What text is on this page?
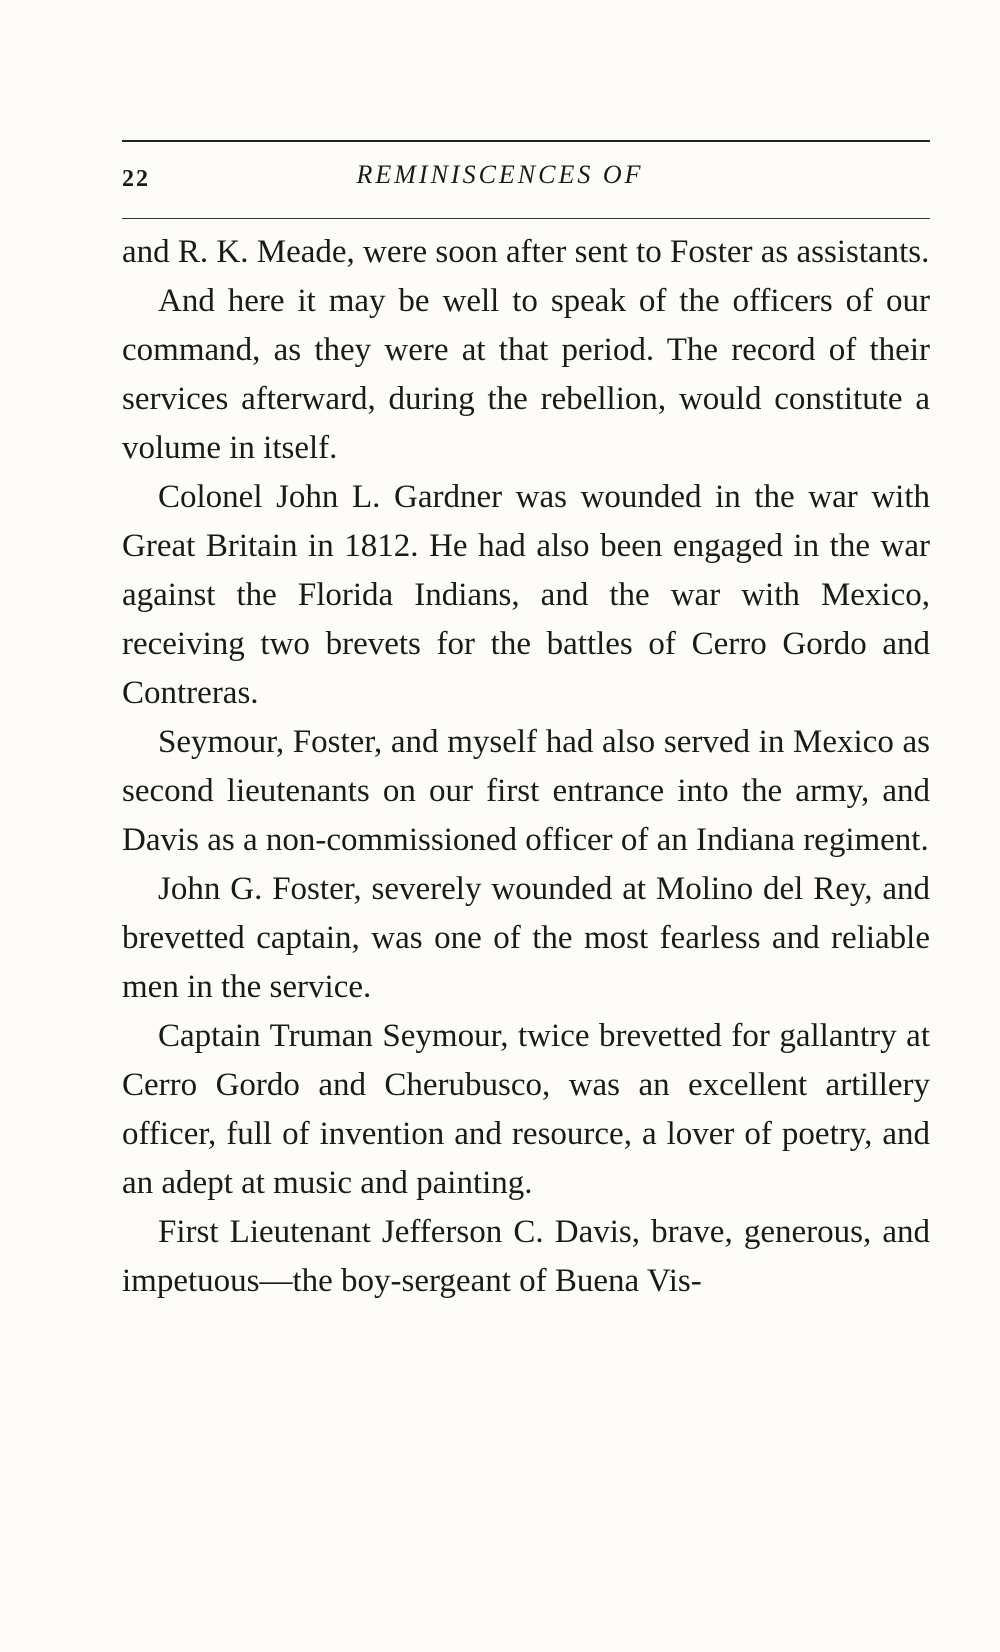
22	REMINISCENCES OF

and R. K. Meade, were soon after sent to Foster as assistants.

And here it may be well to speak of the officers of our command, as they were at that period. The record of their services afterward, during the rebellion, would constitute a volume in itself.

Colonel John L. Gardner was wounded in the war with Great Britain in 1812. He had also been engaged in the war against the Florida Indians, and the war with Mexico, receiving two brevets for the battles of Cerro Gordo and Contreras.

Seymour, Foster, and myself had also served in Mexico as second lieutenants on our first entrance into the army, and Davis as a non-commissioned officer of an Indiana regiment.

John G. Foster, severely wounded at Molino del Rey, and brevetted captain, was one of the most fearless and reliable men in the service.

Captain Truman Seymour, twice brevetted for gallantry at Cerro Gordo and Cherubusco, was an excellent artillery officer, full of invention and resource, a lover of poetry, and an adept at music and painting.

First Lieutenant Jefferson C. Davis, brave, generous, and impetuous—the boy-sergeant of Buena Vis-
